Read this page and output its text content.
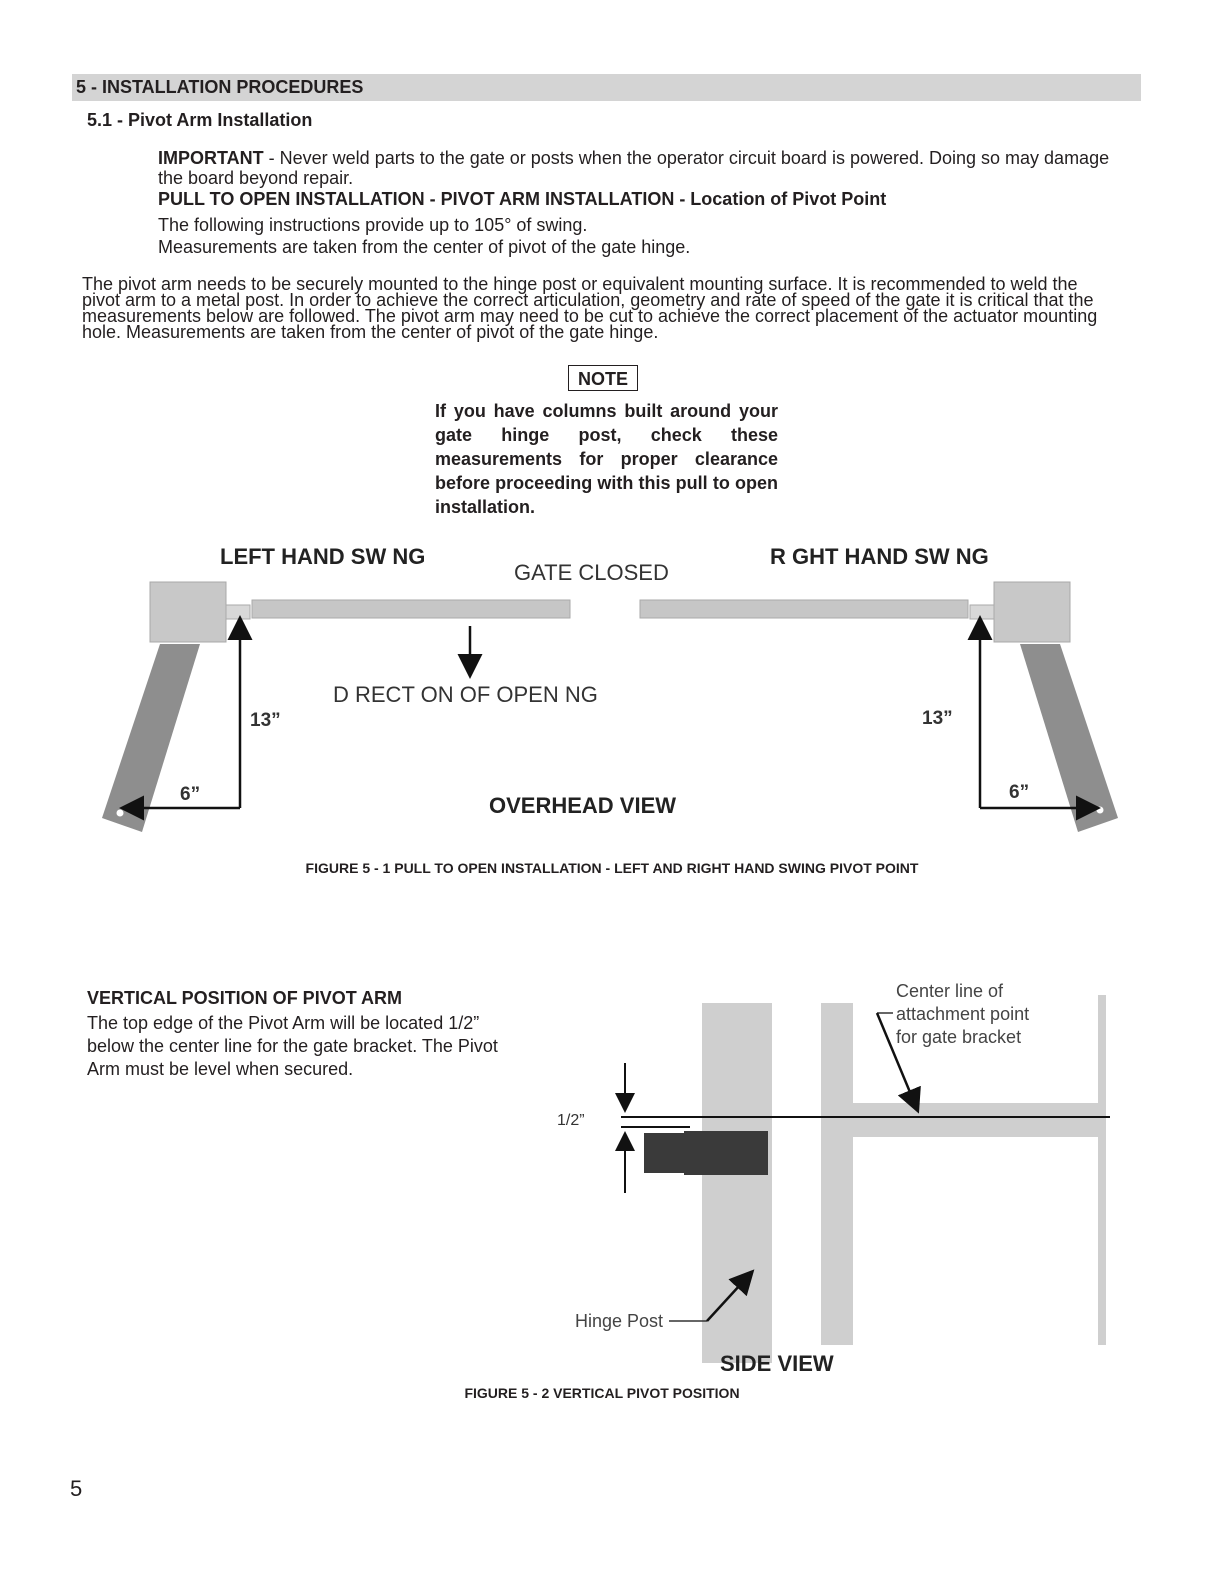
5 - INSTALLATION PROCEDURES
5.1 - Pivot Arm Installation
IMPORTANT - Never weld parts to the gate or posts when the operator circuit board is powered. Doing so may damage the board beyond repair.
PULL TO OPEN INSTALLATION - PIVOT ARM INSTALLATION - Location of Pivot Point
The following instructions provide up to 105° of swing.
Measurements are taken from the center of pivot of the gate hinge.
The pivot arm needs to be securely mounted to the hinge post or equivalent mounting surface. It is recommended to weld the pivot arm to a metal post. In order to achieve the correct articulation, geometry and rate of speed of the gate it is critical that the measurements below are followed. The pivot arm may need to be cut to achieve the correct placement of the actuator mounting hole. Measurements are taken from the center of pivot of the gate hinge.
NOTE
If you have columns built around your gate hinge post, check these measurements for proper clearance before proceeding with this pull to open installation.
13”
6”
13”
6”
LEFT HAND SW NG	R GHT HAND SW NG
GATE CLOSED
D RECT ON OF OPEN NG
OVERHEAD VIEW
FIGURE 5 - 1 PULL TO OPEN INSTALLATION - LEFT AND RIGHT HAND SWING PIVOT POINT
VERTICAL POSITION OF PIVOT ARM
The top edge of the Pivot Arm will be located 1/2” below the center line for the gate bracket. The Pivot Arm must be level when secured.
1/2”
Center line of
attachment point
for gate bracket
Hinge Post
SIDE VIEW
FIGURE 5 - 2 VERTICAL PIVOT POSITION
5
